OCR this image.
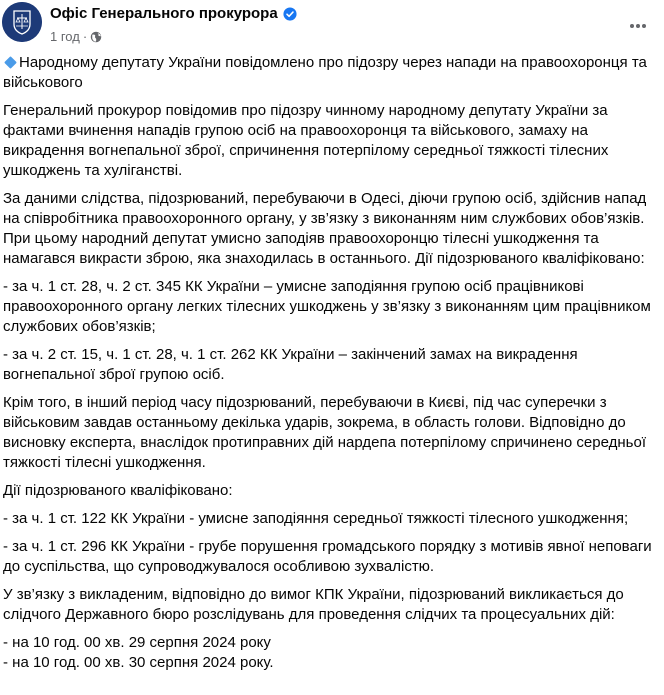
Офіс Генерального прокурора
1 год ·

Народному депутату України повідомлено про підозру через напади на правоохоронця та військового

Генеральний прокурор повідомив про підозру чинному народному депутату України за фактами вчинення нападів групою осіб на правоохоронця та військового, замаху на викрадення вогнепальної зброї, спричинення потерпілому середньої тяжкості тілесних ушкоджень та хуліганстві.

За даними слідства, підозрюваний, перебуваючи в Одесі, діючи групою осіб, здійснив напад на співробітника правоохоронного органу, у зв’язку з виконанням ним службових обов’язків. При цьому народний депутат умисно заподіяв правоохоронцю тілесні ушкодження та намагався викрасти зброю, яка знаходилась в останнього. Дії підозрюваного кваліфіковано:

- за ч. 1 ст. 28, ч. 2 ст. 345 КК України – умисне заподіяння групою осіб працівникові правоохоронного органу легких тілесних ушкоджень у зв’язку з виконанням цим працівником службових обов’язків;

- за ч. 2 ст. 15, ч. 1 ст. 28, ч. 1 ст. 262 КК України – закінчений замах на викрадення вогнепальної зброї групою осіб.

Крім того, в інший період часу підозрюваний, перебуваючи в Києві, під час суперечки з військовим завдав останньому декілька ударів, зокрема, в область голови. Відповідно до висновку експерта, внаслідок протиправних дій нардепа потерпілому спричинено середньої тяжкості тілесні ушкодження.

Дії підозрюваного кваліфіковано:

- за ч. 1 ст. 122 КК України - умисне заподіяння середньої тяжкості тілесного ушкодження;

- за ч. 1 ст. 296 КК України - грубе порушення громадського порядку з мотивів явної неповаги до суспільства, що супроводжувалося особливою зухвалістю.

У зв’язку з викладеним, відповідно до вимог КПК України, підозрюваний викликається до слідчого Державного бюро розслідувань для проведення слідчих та процесуальних дій:

- на 10 год. 00 хв. 29 серпня 2024 року

- на 10 год. 00 хв. 30 серпня 2024 року.
